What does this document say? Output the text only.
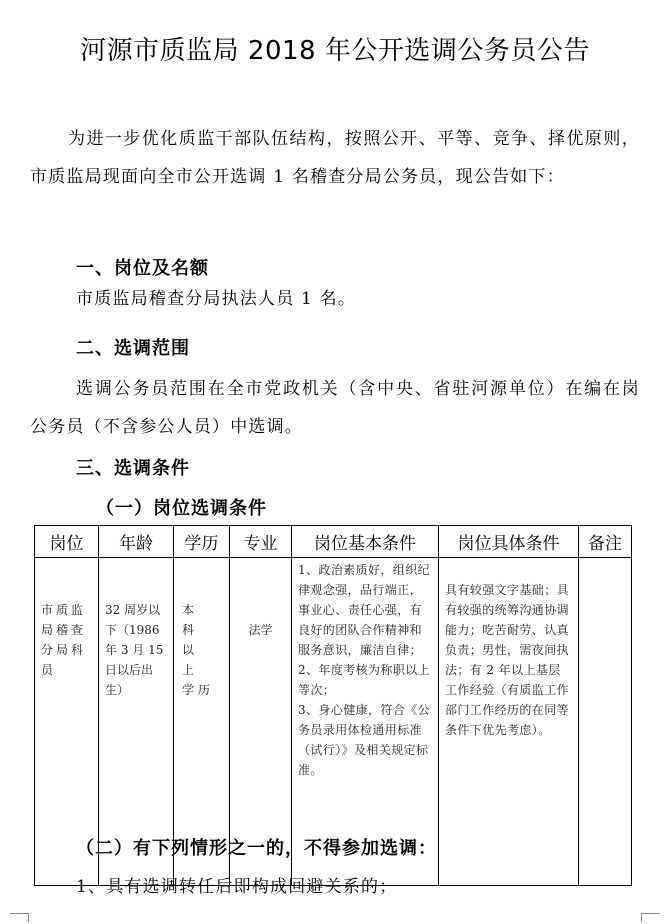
河源市质监局 2018 年公开选调公务员公告
为进一步优化质监干部队伍结构，按照公开、平等、竞争、择优原则，市质监局现面向全市公开选调 1 名稽查分局公务员，现公告如下：
一、岗位及名额
市质监局稽查分局执法人员 1 名。
二、选调范围
选调公务员范围在全市党政机关（含中央、省驻河源单位）在编在岗公务员（不含参公人员）中选调。
三、选调条件
（一）岗位选调条件
岗位	年龄	学历	专业	岗位基本条件	岗位具体条件	备注
市质监局稽查分局科员	32 周岁以下（1986 年 3 月 15 日以后出生）	本 科 以 上 学历	法学	1、政治素质好，组织纪律观念强，品行端正，事业心、责任心强，有良好的团队合作精神和服务意识，廉洁自律；
2、年度考核为称职以上等次；
3、身心健康，符合《公务员录用体检通用标准（试行）》及相关规定标准。	具有较强文字基础；具有较强的统筹沟通协调能力；吃苦耐劳、认真负责；男性，需夜间执法；有 2 年以上基层工作经验（有质监工作部门工作经历的在同等条件下优先考虑）。	
（二）有下列情形之一的，不得参加选调：
1、具有选调转任后即构成回避关系的；
